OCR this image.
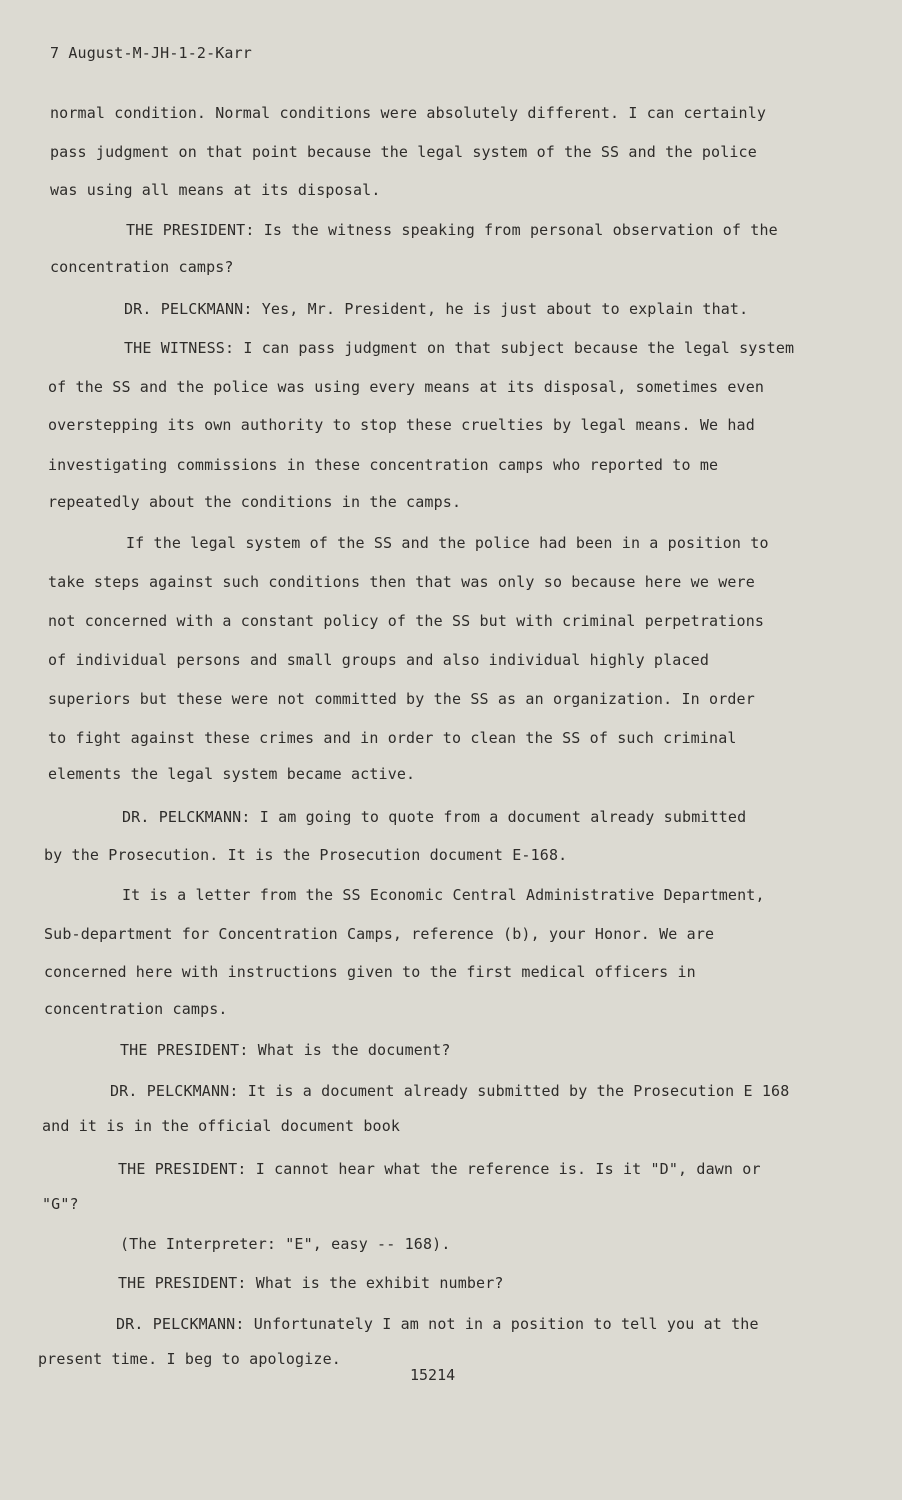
7 August-M-JH-1-2-Karr
normal condition. Normal conditions were absolutely different. I can certainly
pass judgment on that point because the legal system of the SS and the police
was using all means at its disposal.
THE PRESIDENT: Is the witness speaking from personal observation of the
concentration camps?
DR. PELCKMANN: Yes, Mr. President, he is just about to explain that.
THE WITNESS: I can pass judgment on that subject because the legal system
of the SS and the police was using every means at its disposal, sometimes even
overstepping its own authority to stop these cruelties by legal means. We had
investigating commissions in these concentration camps who reported to me
repeatedly about the conditions in the camps.
If the legal system of the SS and the police had been in a position to
take steps against such conditions then that was only so because here we were
not concerned with a constant policy of the SS but with criminal perpetrations
of individual persons and small groups and also individual highly placed
superiors but these were not committed by the SS as an organization. In order
to fight against these crimes and in order to clean the SS of such criminal
elements the legal system became active.
DR. PELCKMANN: I am going to quote from a document already submitted
by the Prosecution. It is the Prosecution document E-168.
It is a letter from the SS Economic Central Administrative Department,
Sub-department for Concentration Camps, reference (b), your Honor. We are
concerned here with instructions given to the first medical officers in
concentration camps.
THE PRESIDENT: What is the document?
DR. PELCKMANN: It is a document already submitted by the Prosecution E 168
and it is in the official document book
THE PRESIDENT: I cannot hear what the reference is. Is it "D", dawn or
"G"?
(The Interpreter: "E", easy -- 168).
THE PRESIDENT: What is the exhibit number?
DR. PELCKMANN: Unfortunately I am not in a position to tell you at the
present time. I beg to apologize.
15214
